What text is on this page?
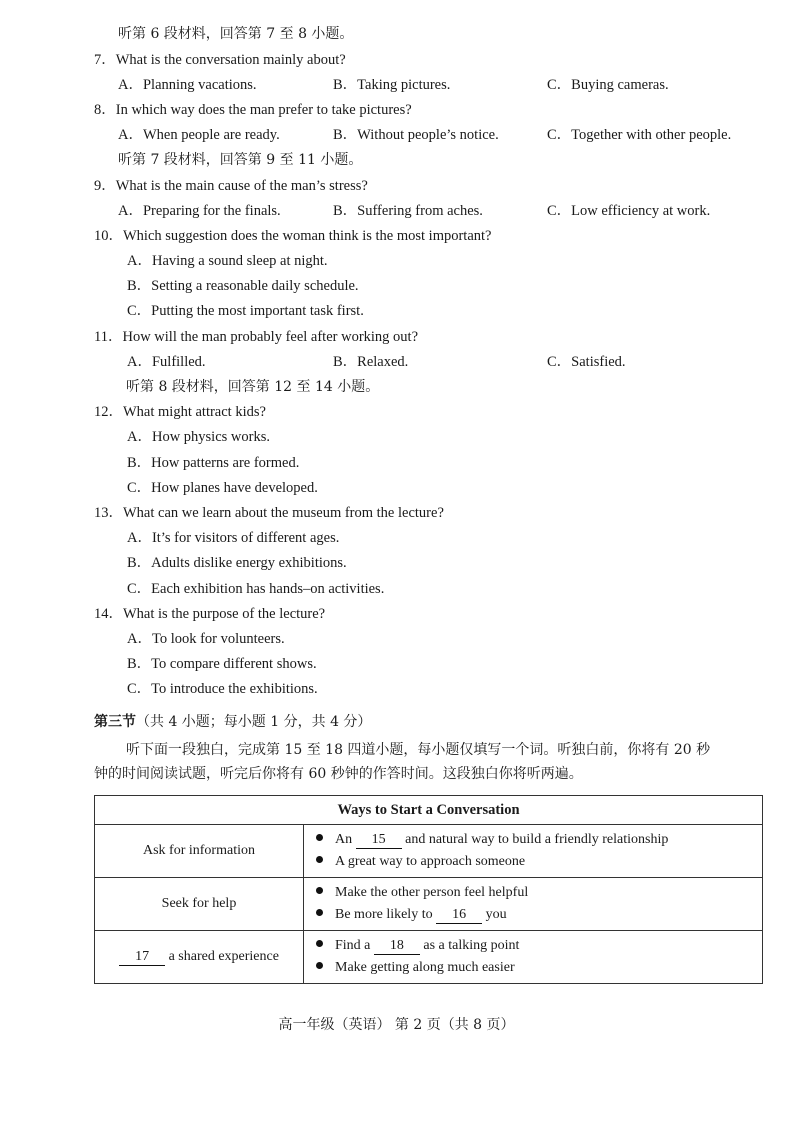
听第 6 段材料，回答第 7 至 8 小题。
7．What is the conversation mainly about?
A．Planning vacations.	B．Taking pictures.	C．Buying cameras.
8．In which way does the man prefer to take pictures?
A．When people are ready.	B．Without people’s notice.	C．Together with other people.
听第 7 段材料，回答第 9 至 11 小题。
9．What is the main cause of the man’s stress?
A．Preparing for the finals.	B．Suffering from aches.	C．Low efficiency at work.
10．Which suggestion does the woman think is the most important?
A．Having a sound sleep at night.
B．Setting a reasonable daily schedule.
C．Putting the most important task first.
11．How will the man probably feel after working out?
A．Fulfilled.	B．Relaxed.	C．Satisfied.
听第 8 段材料，回答第 12 至 14 小题。
12．What might attract kids?
A．How physics works.
B．How patterns are formed.
C．How planes have developed.
13．What can we learn about the museum from the lecture?
A．It’s for visitors of different ages.
B．Adults dislike energy exhibitions.
C．Each exhibition has hands–on activities.
14．What is the purpose of the lecture?
A．To look for volunteers.
B．To compare different shows.
C．To introduce the exhibitions.
第三节（共 4 小题；每小题 1 分，共 4 分）
听下面一段独白，完成第 15 至 18 四道小题，每小题仅填写一个词。听独白前，你将有 20 秒
钟的时间阅读试题，听完后你将有 60 秒钟的作答时间。这段独白你将听两遍。
Ways to Start a Conversation	
Ask for information	An 15 and natural way to build a friendly relationship
A great way to approach someone

Seek for help	Make the other person feel helpful
Be more likely to 16 you

17 a shared experience	Find a 18 as a talking point
Make getting along much easier
高一年级（英语） 第 2 页（共 8 页）
